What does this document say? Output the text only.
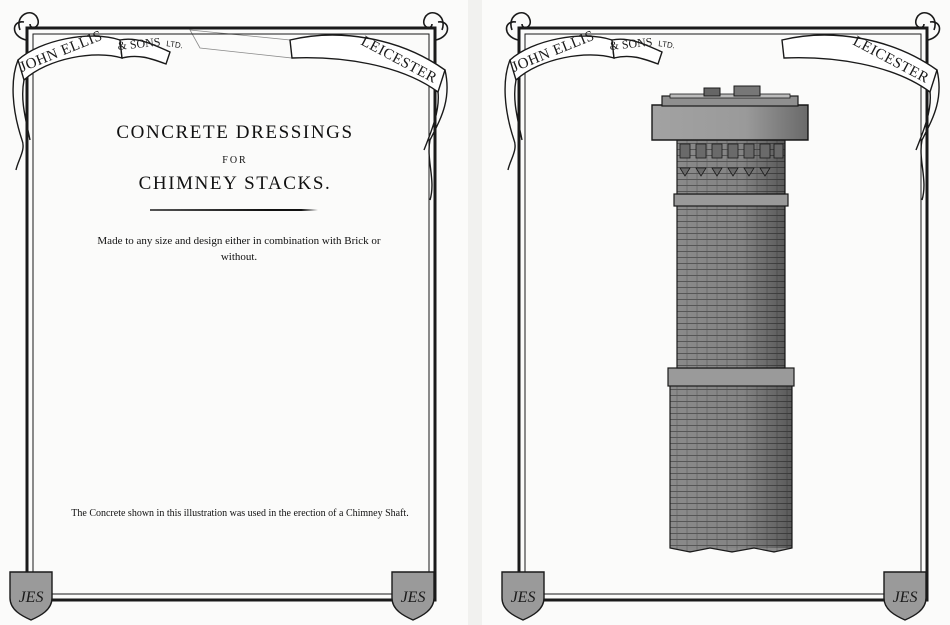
JOHN ELLIS & SONS LTD.	LEICESTER
JES	JES
CONCRETE DRESSINGS
FOR
CHIMNEY STACKS.
Made to any size and design either in combination with Brick or without.
The Concrete shown in this illustration was used in the erection of a Chimney Shaft.
JOHN ELLIS & SONS LTD.	LEICESTER
JES	JES
